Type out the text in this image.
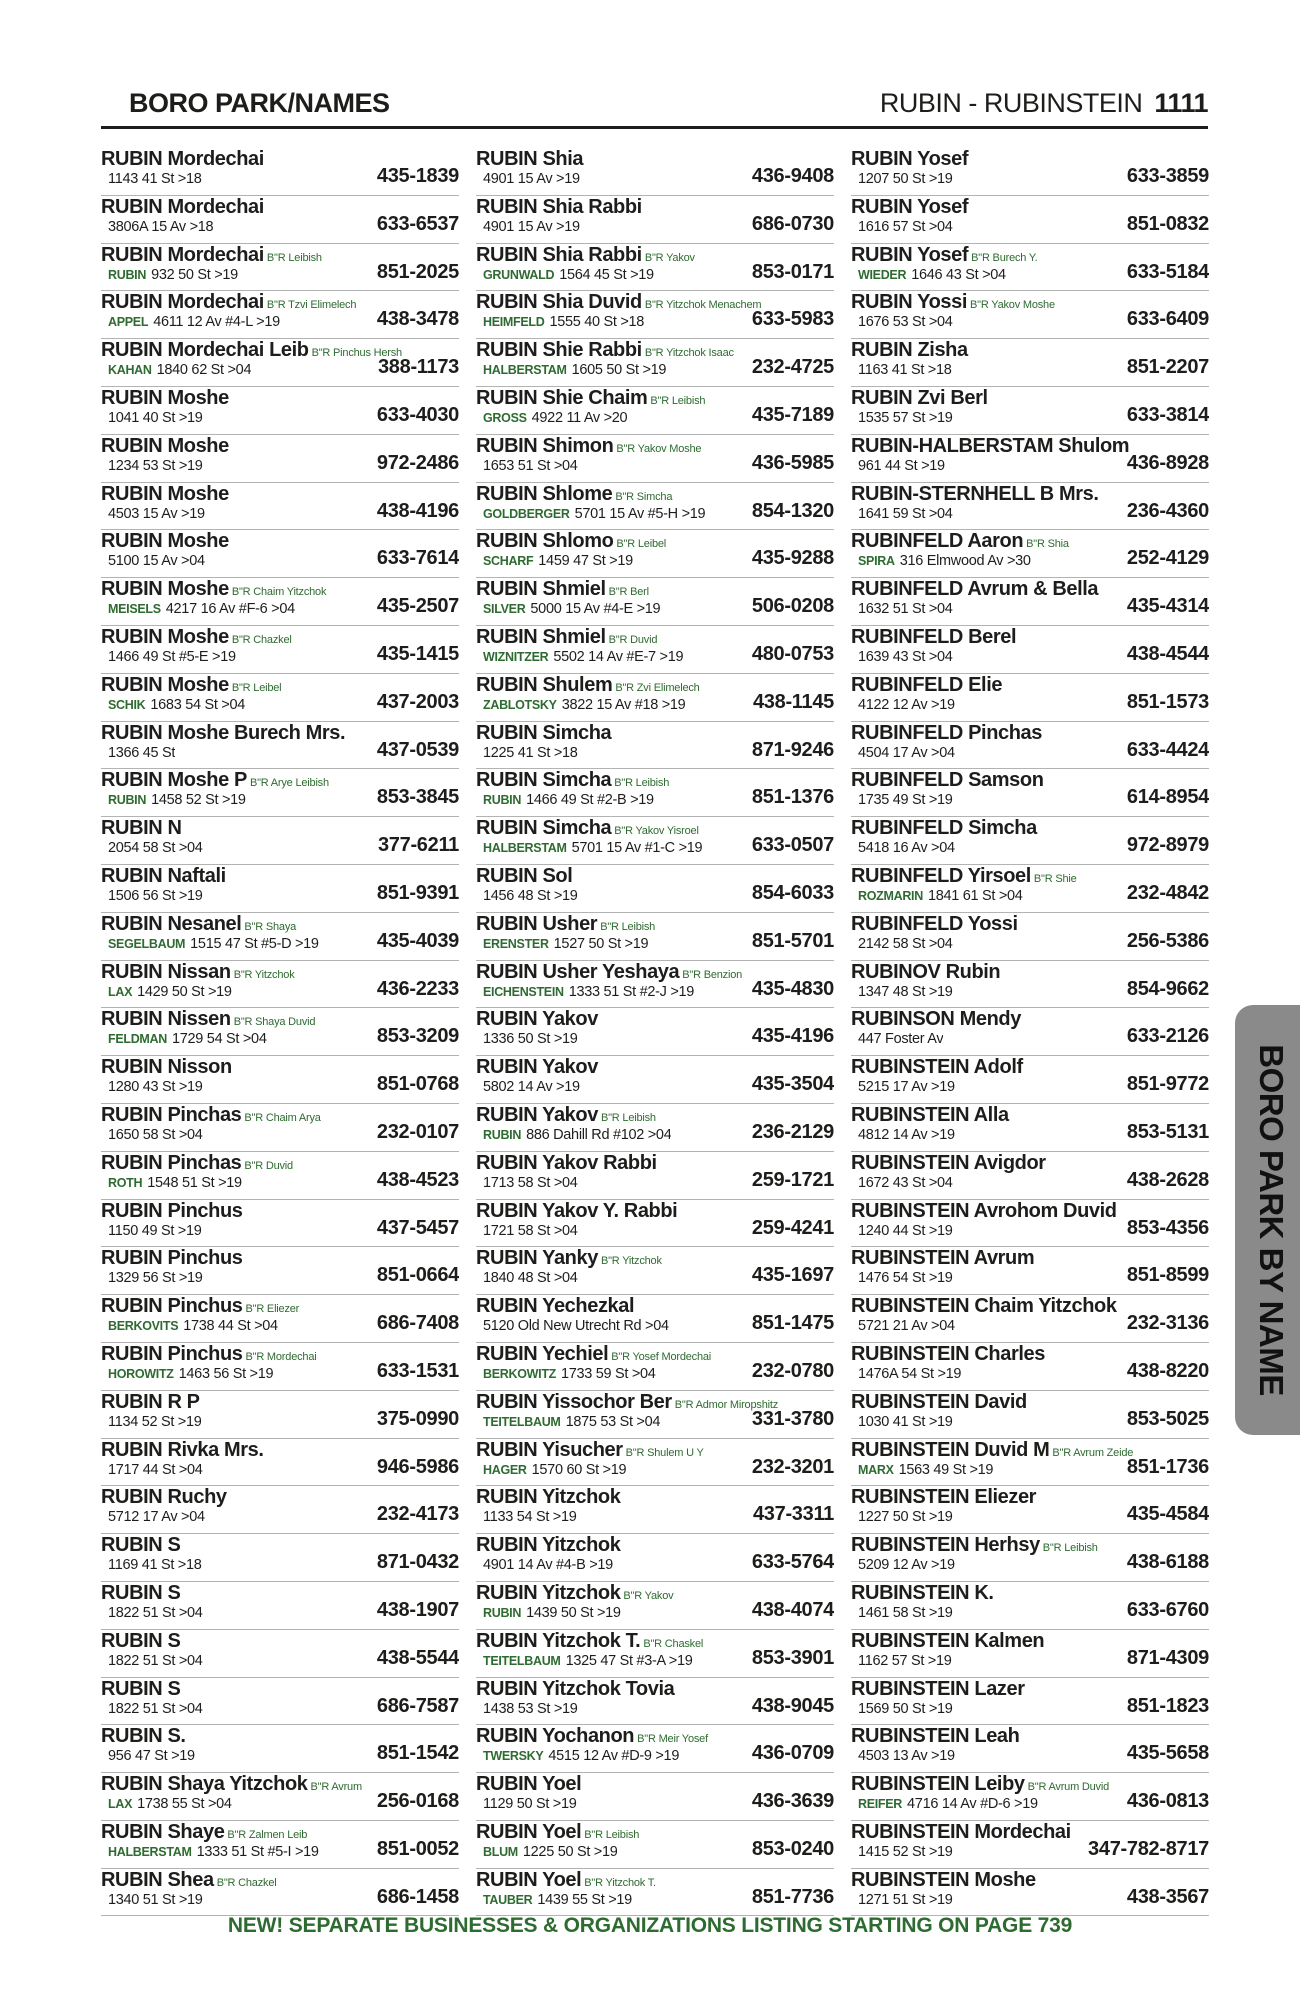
BORO PARK/NAMES	RUBIN - RUBINSTEIN 1111
RUBIN Mordechai
1143 41 St >18	435-1839
RUBIN Mordechai
3806A 15 Av >18	633-6537
RUBIN Mordechai B"R Leibish
RUBIN 932 50 St >19	851-2025
RUBIN Mordechai B"R Tzvi Elimelech
APPEL 4611 12 Av #4-L >19	438-3478
RUBIN Mordechai Leib B"R Pinchus Hersh
KAHAN 1840 62 St >04	388-1173
RUBIN Moshe
1041 40 St >19	633-4030
RUBIN Moshe
1234 53 St >19	972-2486
RUBIN Moshe
4503 15 Av >19	438-4196
RUBIN Moshe
5100 15 Av >04	633-7614
RUBIN Moshe B"R Chaim Yitzchok
MEISELS 4217 16 Av #F-6 >04	435-2507
RUBIN Moshe B"R Chazkel
1466 49 St #5-E >19	435-1415
RUBIN Moshe B"R Leibel
SCHIK 1683 54 St >04	437-2003
RUBIN Moshe Burech Mrs.
1366 45 St	437-0539
RUBIN Moshe P B"R Arye Leibish
RUBIN 1458 52 St >19	853-3845
RUBIN N
2054 58 St >04	377-6211
RUBIN Naftali
1506 56 St >19	851-9391
RUBIN Nesanel B"R Shaya
SEGELBAUM 1515 47 St #5-D >19	435-4039
RUBIN Nissan B"R Yitzchok
LAX 1429 50 St >19	436-2233
RUBIN Nissen B"R Shaya Duvid
FELDMAN 1729 54 St >04	853-3209
RUBIN Nisson
1280 43 St >19	851-0768
RUBIN Pinchas B"R Chaim Arya
1650 58 St >04	232-0107
RUBIN Pinchas B"R Duvid
ROTH 1548 51 St >19	438-4523
RUBIN Pinchus
1150 49 St >19	437-5457
RUBIN Pinchus
1329 56 St >19	851-0664
RUBIN Pinchus B"R Eliezer
BERKOVITS 1738 44 St >04	686-7408
RUBIN Pinchus B"R Mordechai
HOROWITZ 1463 56 St >19	633-1531
RUBIN R P
1134 52 St >19	375-0990
RUBIN Rivka Mrs.
1717 44 St >04	946-5986
RUBIN Ruchy
5712 17 Av >04	232-4173
RUBIN S
1169 41 St >18	871-0432
RUBIN S
1822 51 St >04	438-1907
RUBIN S
1822 51 St >04	438-5544
RUBIN S
1822 51 St >04	686-7587
RUBIN S.
956 47 St >19	851-1542
RUBIN Shaya Yitzchok B"R Avrum
LAX 1738 55 St >04	256-0168
RUBIN Shaye B"R Zalmen Leib
HALBERSTAM 1333 51 St #5-I >19	851-0052
RUBIN Shea B"R Chazkel
1340 51 St >19	686-1458
RUBIN Shia
4901 15 Av >19	436-9408
RUBIN Shia Rabbi
4901 15 Av >19	686-0730
RUBIN Shia Rabbi B"R Yakov
GRUNWALD 1564 45 St >19	853-0171
RUBIN Shia Duvid B"R Yitzchok Menachem
HEIMFELD 1555 40 St >18	633-5983
RUBIN Shie Rabbi B"R Yitzchok Isaac
HALBERSTAM 1605 50 St >19	232-4725
RUBIN Shie Chaim B"R Leibish
GROSS 4922 11 Av >20	435-7189
RUBIN Shimon B"R Yakov Moshe
1653 51 St >04	436-5985
RUBIN Shlome B"R Simcha
GOLDBERGER 5701 15 Av #5-H >19 854-1320
RUBIN Shlomo B"R Leibel
SCHARF 1459 47 St >19	435-9288
RUBIN Shmiel B"R Berl
SILVER 5000 15 Av #4-E >19	506-0208
RUBIN Shmiel B"R Duvid
WIZNITZER 5502 14 Av #E-7 >19	480-0753
RUBIN Shulem B"R Zvi Elimelech
ZABLOTSKY 3822 15 Av #18 >19	438-1145
RUBIN Simcha
1225 41 St >18	871-9246
RUBIN Simcha B"R Leibish
RUBIN 1466 49 St #2-B >19	851-1376
RUBIN Simcha B"R Yakov Yisroel
HALBERSTAM 5701 15 Av #1-C >19 633-0507
RUBIN Sol
1456 48 St >19	854-6033
RUBIN Usher B"R Leibish
ERENSTER 1527 50 St >19	851-5701
RUBIN Usher Yeshaya B"R Benzion
EICHENSTEIN 1333 51 St #2-J >19	435-4830
RUBIN Yakov
1336 50 St >19	435-4196
RUBIN Yakov
5802 14 Av >19	435-3504
RUBIN Yakov B"R Leibish
RUBIN 886 Dahill Rd #102 >04	236-2129
RUBIN Yakov Rabbi
1713 58 St >04	259-1721
RUBIN Yakov Y. Rabbi
1721 58 St >04	259-4241
RUBIN Yanky B"R Yitzchok
1840 48 St >04	435-1697
RUBIN Yechezkal
5120 Old New Utrecht Rd >04	851-1475
RUBIN Yechiel B"R Yosef Mordechai
BERKOWITZ 1733 59 St >04	232-0780
RUBIN Yissochor Ber B"R Admor Miropshitz
TEITELBAUM 1875 53 St >04	331-3780
RUBIN Yisucher B"R Shulem U Y
HAGER 1570 60 St >19	232-3201
RUBIN Yitzchok
1133 54 St >19	437-3311
RUBIN Yitzchok
4901 14 Av #4-B >19	633-5764
RUBIN Yitzchok B"R Yakov
RUBIN 1439 50 St >19	438-4074
RUBIN Yitzchok T. B"R Chaskel
TEITELBAUM 1325 47 St #3-A >19	853-3901
RUBIN Yitzchok Tovia
1438 53 St >19	438-9045
RUBIN Yochanon B"R Meir Yosef
TWERSKY 4515 12 Av #D-9 >19	436-0709
RUBIN Yoel
1129 50 St >19	436-3639
RUBIN Yoel B"R Leibish
BLUM 1225 50 St >19	853-0240
RUBIN Yoel B"R Yitzchok T.
TAUBER 1439 55 St >19	851-7736
RUBIN Yosef
1207 50 St >19	633-3859
RUBIN Yosef
1616 57 St >04	851-0832
RUBIN Yosef B"R Burech Y.
WIEDER 1646 43 St >04	633-5184
RUBIN Yossi B"R Yakov Moshe
1676 53 St >04	633-6409
RUBIN Zisha
1163 41 St >18	851-2207
RUBIN Zvi Berl
1535 57 St >19	633-3814
RUBIN-HALBERSTAM Shulom
961 44 St >19	436-8928
RUBIN-STERNHELL B Mrs.
1641 59 St >04	236-4360
RUBINFELD Aaron B"R Shia
SPIRA 316 Elmwood Av >30	252-4129
RUBINFELD Avrum & Bella
1632 51 St >04	435-4314
RUBINFELD Berel
1639 43 St >04	438-4544
RUBINFELD Elie
4122 12 Av >19	851-1573
RUBINFELD Pinchas
4504 17 Av >04	633-4424
RUBINFELD Samson
1735 49 St >19	614-8954
RUBINFELD Simcha
5418 16 Av >04	972-8979
RUBINFELD Yirsoel B"R Shie
ROZMARIN 1841 61 St >04	232-4842
RUBINFELD Yossi
2142 58 St >04	256-5386
RUBINOV Rubin
1347 48 St >19	854-9662
RUBINSON Mendy
447 Foster Av	633-2126
RUBINSTEIN Adolf
5215 17 Av >19	851-9772
RUBINSTEIN Alla
4812 14 Av >19	853-5131
RUBINSTEIN Avigdor
1672 43 St >04	438-2628
RUBINSTEIN Avrohom Duvid
1240 44 St >19	853-4356
RUBINSTEIN Avrum
1476 54 St >19	851-8599
RUBINSTEIN Chaim Yitzchok
5721 21 Av >04	232-3136
RUBINSTEIN Charles
1476A 54 St >19	438-8220
RUBINSTEIN David
1030 41 St >19	853-5025
RUBINSTEIN Duvid M B"R Avrum Zeide
MARX 1563 49 St >19	851-1736
RUBINSTEIN Eliezer
1227 50 St >19	435-4584
RUBINSTEIN Herhsy B"R Leibish
5209 12 Av >19	438-6188
RUBINSTEIN K.
1461 58 St >19	633-6760
RUBINSTEIN Kalmen
1162 57 St >19	871-4309
RUBINSTEIN Lazer
1569 50 St >19	851-1823
RUBINSTEIN Leah
4503 13 Av >19	435-5658
RUBINSTEIN Leiby B"R Avrum Duvid
REIFER 4716 14 Av #D-6 >19	436-0813
RUBINSTEIN Mordechai
1415 52 St >19	347-782-8717
RUBINSTEIN Moshe
1271 51 St >19	438-3567
BORO PARK BY NAME
NEW! SEPARATE BUSINESSES & ORGANIZATIONS LISTING STARTING ON PAGE 739
